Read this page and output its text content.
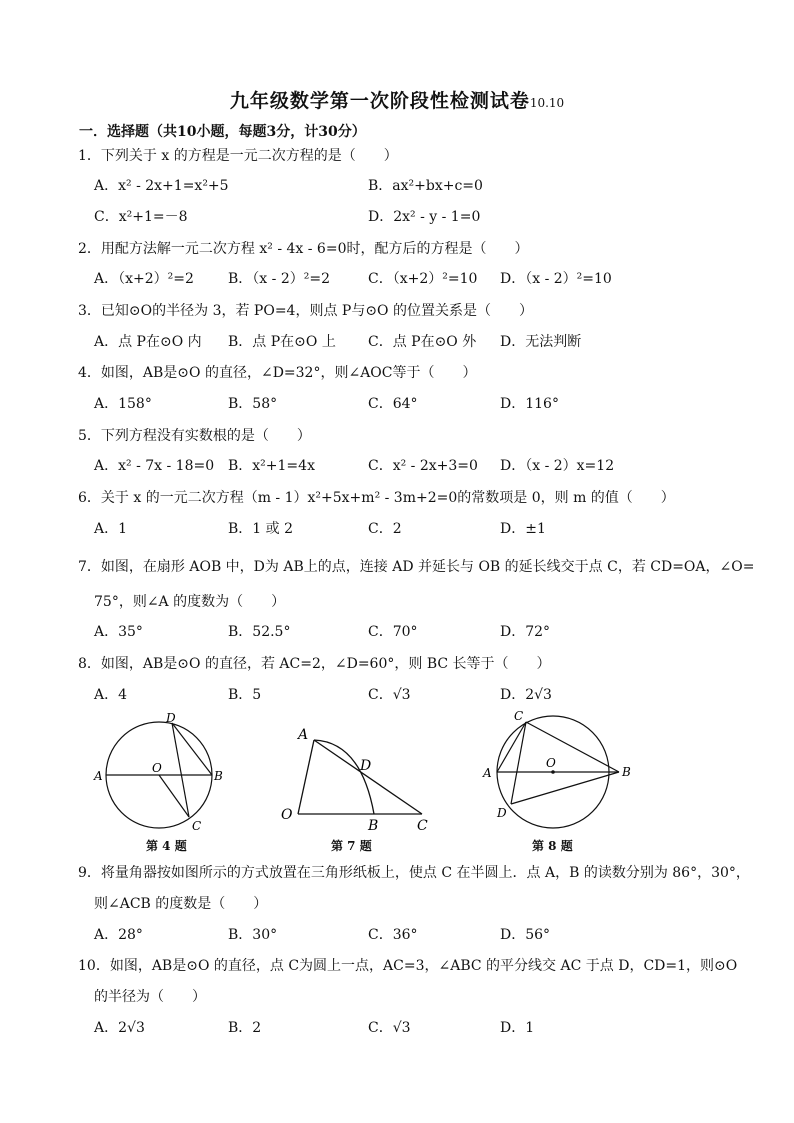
九年级数学第一次阶段性检测试卷10.10
一．选择题（共10小题，每题3分，计30分）
1．下列关于 x 的方程是一元二次方程的是（　　）
A．x² - 2x+1=x²+5	B．ax²+bx+c=0
C．x²+1=－8	D．2x² - y - 1=0
2．用配方法解一元二次方程 x² - 4x - 6=0时，配方后的方程是（　　）
A．（x+2）²=2 B．（x - 2）²=2	C．（x+2）²=10 D．（x - 2）²=10
3．已知⊙O的半径为 3，若 PO=4，则点 P与⊙O 的位置关系是（　　）
A．点 P在⊙O 内 B．点 P在⊙O 上 C．点 P在⊙O 外 D．无法判断
4．如图，AB是⊙O 的直径，∠D=32°，则∠AOC等于（　　）
A．158°	B．58°	C．64°	D．116°
5．下列方程没有实数根的是（　　）
A．x² - 7x - 18=0 B．x²+1=4x	C．x² - 2x+3=0 D．（x - 2）x=12
6．关于 x 的一元二次方程（m - 1）x²+5x+m² - 3m+2=0的常数项是 0，则 m 的值（　　）
A．1	B．1 或 2	C．2	D．±1
7．如图，在扇形 AOB 中，D为 AB上的点，连接 AD 并延长与 OB 的延长线交于点 C，若 CD=OA，∠O=
75°，则∠A 的度数为（　　）
A．35°	B．52.5°	C．70°	D．72°
8．如图，AB是⊙O 的直径，若 AC=2，∠D=60°，则 BC 长等于（　　）
A．4	B．5	C．√3	D．2√3
D
A
O
B
C
第 4 题
A
D
O
B	C
第 7 题
C
A
O
B
D
第 8 题
9．将量角器按如图所示的方式放置在三角形纸板上，使点 C 在半圆上．点 A，B 的读数分别为 86°，30°，
则∠ACB 的度数是（　　）
A．28°	B．30°	C．36°	D．56°
10．如图，AB是⊙O 的直径，点 C为圆上一点，AC=3，∠ABC 的平分线交 AC 于点 D，CD=1，则⊙O
的半径为（　　）
A．2√3	B．2	C．√3	D．1
